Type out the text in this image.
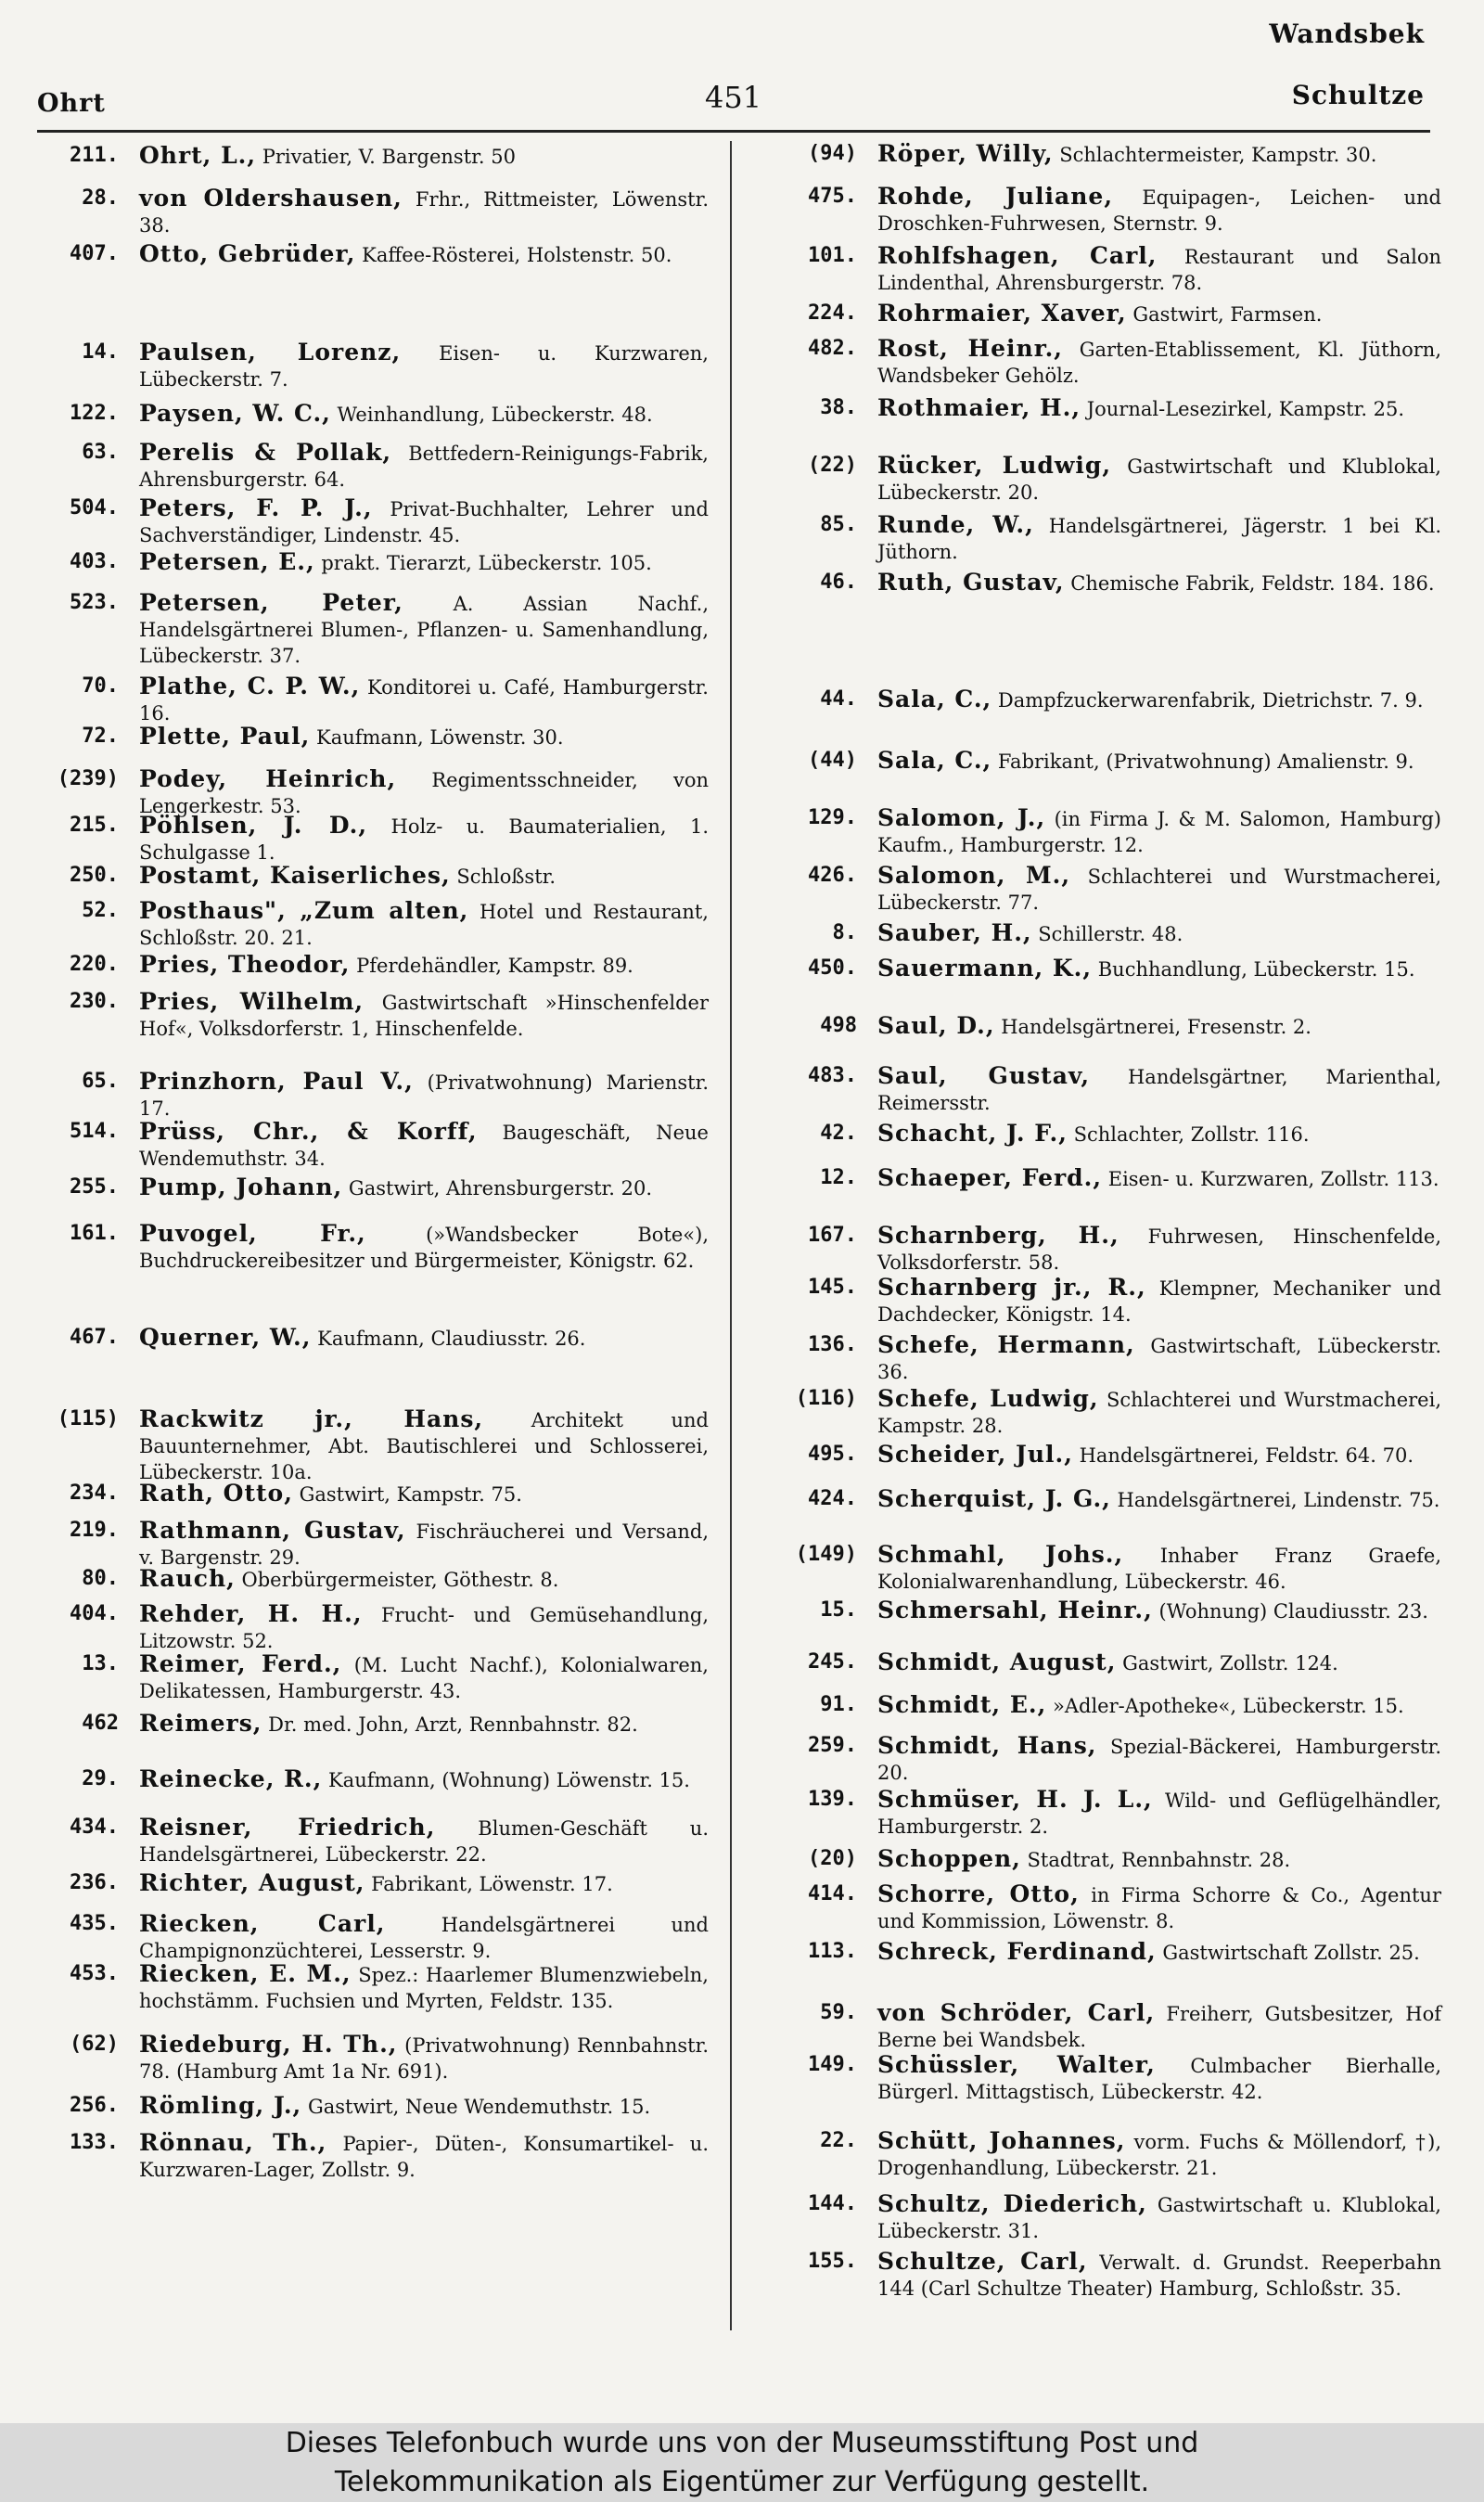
Wandsbek
Ohrt	451	Schultze
211. Ohrt, L., Privatier, V. Bargenstr. 50
28. von Oldershausen, Frhr., Rittmeister, Löwenstr. 38.
407. Otto, Gebrüder, Kaffee-Rösterei, Holstenstr. 50.
14. Paulsen, Lorenz, Eisen- u. Kurzwaren, Lübeckerstr. 7.
122. Paysen, W. C., Weinhandlung, Lübeckerstr. 48.
63. Perelis & Pollak, Bettfedern-Reinigungs-Fabrik, Ahrensburgerstr. 64.
504. Peters, F. P. J., Privat-Buchhalter, Lehrer und Sachverständiger, Lindenstr. 45.
403. Petersen, E., prakt. Tierarzt, Lübeckerstr. 105.
523. Petersen, Peter, A. Assian Nachf., Handelsgärtnerei Blumen-, Pflanzen- u. Samenhandlung, Lübeckerstr. 37.
70. Plathe, C. P. W., Konditorei u. Café, Hamburgerstr. 16.
72. Plette, Paul, Kaufmann, Löwenstr. 30.
(239) Podey, Heinrich, Regimentsschneider, von Lengerkestr. 53.
215. Pöhlsen, J. D., Holz- u. Baumaterialien, 1. Schulgasse 1.
250. Postamt, Kaiserliches, Schloßstr.
52. Posthaus", „Zum alten, Hotel und Restaurant, Schloßstr. 20. 21.
220. Pries, Theodor, Pferdehändler, Kampstr. 89.
230. Pries, Wilhelm, Gastwirtschaft »Hinschenfelder Hof«, Volksdorferstr. 1, Hinschenfelde.
65. Prinzhorn, Paul V., (Privatwohnung) Marienstr. 17.
514. Prüss, Chr., & Korff, Baugeschäft, Neue Wendemuthstr. 34.
255. Pump, Johann, Gastwirt, Ahrensburgerstr. 20.
161. Puvogel, Fr., (»Wandsbecker Bote«), Buchdruckereibesitzer und Bürgermeister, Königstr. 62.
467. Querner, W., Kaufmann, Claudiusstr. 26.
(115) Rackwitz jr., Hans, Architekt und Bauunternehmer, Abt. Bautischlerei und Schlosserei, Lübeckerstr. 10a.
234. Rath, Otto, Gastwirt, Kampstr. 75.
219. Rathmann, Gustav, Fischräucherei und Versand, v. Bargenstr. 29.
80. Rauch, Oberbürgermeister, Göthestr. 8.
404. Rehder, H. H., Frucht- und Gemüsehandlung, Litzowstr. 52.
13. Reimer, Ferd., (M. Lucht Nachf.), Kolonialwaren, Delikatessen, Hamburgerstr. 43.
462 Reimers, Dr. med. John, Arzt, Rennbahnstr. 82.
29. Reinecke, R., Kaufmann, (Wohnung) Löwenstr. 15.
434. Reisner, Friedrich, Blumen-Geschäft u. Handelsgärtnerei, Lübeckerstr. 22.
236. Richter, August, Fabrikant, Löwenstr. 17.
435. Riecken, Carl, Handelsgärtnerei und Champignonzüchterei, Lesserstr. 9.
453. Riecken, E. M., Spez.: Haarlemer Blumenzwiebeln, hochstämm. Fuchsien und Myrten, Feldstr. 135.
(62) Riedeburg, H. Th., (Privatwohnung) Rennbahnstr. 78. (Hamburg Amt 1a Nr. 691).
256. Römling, J., Gastwirt, Neue Wendemuthstr. 15.
133. Rönnau, Th., Papier-, Düten-, Konsumartikel- u. Kurzwaren-Lager, Zollstr. 9.
(94) Röper, Willy, Schlachtermeister, Kampstr. 30.
475. Rohde, Juliane, Equipagen-, Leichen- und Droschken-Fuhrwesen, Sternstr. 9.
101. Rohlfshagen, Carl, Restaurant und Salon Lindenthal, Ahrensburgerstr. 78.
224. Rohrmaier, Xaver, Gastwirt, Farmsen.
482. Rost, Heinr., Garten-Etablissement, Kl. Jüthorn, Wandsbeker Gehölz.
38. Rothmaier, H., Journal-Lesezirkel, Kampstr. 25.
(22) Rücker, Ludwig, Gastwirtschaft und Klublokal, Lübeckerstr. 20.
85. Runde, W., Handelsgärtnerei, Jägerstr. 1 bei Kl. Jüthorn.
46. Ruth, Gustav, Chemische Fabrik, Feldstr. 184. 186.
44. Sala, C., Dampfzuckerwarenfabrik, Dietrichstr. 7. 9.
(44) Sala, C., Fabrikant, (Privatwohnung) Amalienstr. 9.
129. Salomon, J., (in Firma J. & M. Salomon, Hamburg) Kaufm., Hamburgerstr. 12.
426. Salomon, M., Schlachterei und Wurstmacherei, Lübeckerstr. 77.
8. Sauber, H., Schillerstr. 48.
450. Sauermann, K., Buchhandlung, Lübeckerstr. 15.
498 Saul, D., Handelsgärtnerei, Fresenstr. 2.
483. Saul, Gustav, Handelsgärtner, Marienthal, Reimersstr.
42. Schacht, J. F., Schlachter, Zollstr. 116.
12. Schaeper, Ferd., Eisen- u. Kurzwaren, Zollstr. 113.
167. Scharnberg, H., Fuhrwesen, Hinschenfelde, Volksdorferstr. 58.
145. Scharnberg jr., R., Klempner, Mechaniker und Dachdecker, Königstr. 14.
136. Schefe, Hermann, Gastwirtschaft, Lübeckerstr. 36.
(116) Schefe, Ludwig, Schlachterei und Wurstmacherei, Kampstr. 28.
495. Scheider, Jul., Handelsgärtnerei, Feldstr. 64. 70.
424. Scherquist, J. G., Handelsgärtnerei, Lindenstr. 75.
(149) Schmahl, Johs., Inhaber Franz Graefe, Kolonialwarenhandlung, Lübeckerstr. 46.
15. Schmersahl, Heinr., (Wohnung) Claudiusstr. 23.
245. Schmidt, August, Gastwirt, Zollstr. 124.
91. Schmidt, E., »Adler-Apotheke«, Lübeckerstr. 15.
259. Schmidt, Hans, Spezial-Bäckerei, Hamburgerstr. 20.
139. Schmüser, H. J. L., Wild- und Geflügelhändler, Hamburgerstr. 2.
(20) Schoppen, Stadtrat, Rennbahnstr. 28.
414. Schorre, Otto, in Firma Schorre & Co., Agentur und Kommission, Löwenstr. 8.
113. Schreck, Ferdinand, Gastwirtschaft Zollstr. 25.
59. von Schröder, Carl, Freiherr, Gutsbesitzer, Hof Berne bei Wandsbek.
149. Schüssler, Walter, Culmbacher Bierhalle, Bürgerl. Mittagstisch, Lübeckerstr. 42.
22. Schütt, Johannes, vorm. Fuchs & Möllendorf, †), Drogenhandlung, Lübeckerstr. 21.
144. Schultz, Diederich, Gastwirtschaft u. Klublokal, Lübeckerstr. 31.
155. Schultze, Carl, Verwalt. d. Grundst. Reeperbahn 144 (Carl Schultze Theater) Hamburg, Schloßstr. 35.
Dieses Telefonbuch wurde uns von der Museumsstiftung Post und
Telekommunikation als Eigentümer zur Verfügung gestellt.
